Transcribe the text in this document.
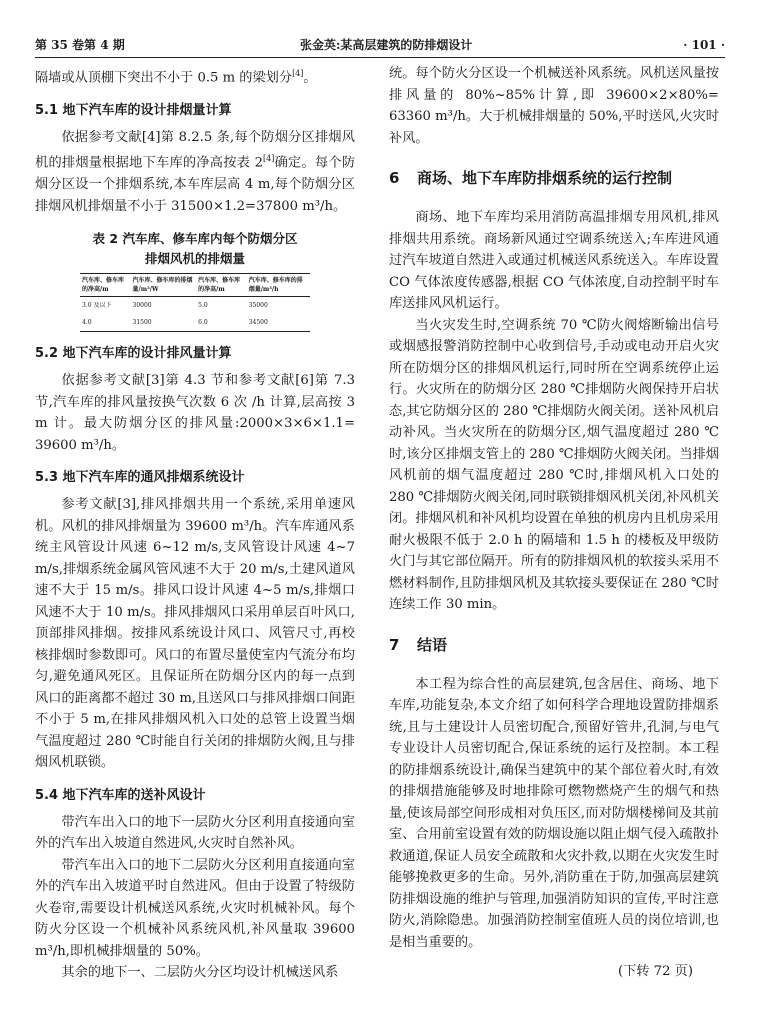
第 35 卷第 4 期	张金英:某高层建筑的防排烟设计	· 101 ·

隔墙或从顶棚下突出不小于 0.5 m 的梁划分[4]。

5.1 地下汽车库的设计排烟量计算

依据参考文献[4]第 8.2.5 条,每个防烟分区排烟风机的排烟量根据地下车库的净高按表 2[4]确定。每个防烟分区设一个排烟系统,本车库层高 4 m,每个防烟分区排烟风机排烟量不小于 31500×1.2=37800 m³/h。

表 2 汽车库、修车库内每个防烟分区
排烟风机的排烟量
汽车库、修车库的净高/m	汽车库、修车库的排烟量/m³/W	汽车库、修车库的净高/m	汽车库、修车库的排烟量/m³/h
3.0 及以下	30000	5.0	35000
4.0	31500	6.0	34500
5.2 地下汽车库的设计排风量计算

依据参考文献[3]第 4.3 节和参考文献[6]第 7.3 节,汽车库的排风量按换气次数 6 次 /h 计算,层高按 3 m 计。最大防烟分区的排风量:2000×3×6×1.1= 39600 m³/h。

5.3 地下汽车库的通风排烟系统设计

参考文献[3],排风排烟共用一个系统,采用单速风机。风机的排风排烟量为 39600 m³/h。汽车库通风系统主风管设计风速 6~12 m/s,支风管设计风速 4~7 m/s,排烟系统金属风管风速不大于 20 m/s,土建风道风速不大于 15 m/s。排风口设计风速 4~5 m/s,排烟口风速不大于 10 m/s。排风排烟风口采用单层百叶风口,顶部排风排烟。按排风系统设计风口、风管尺寸,再校核排烟时参数即可。风口的布置尽量使室内气流分布均匀,避免通风死区。且保证所在防烟分区内的每一点到风口的距离都不超过 30 m,且送风口与排风排烟口间距不小于 5 m,在排风排烟风机入口处的总管上设置当烟气温度超过 280 ℃时能自行关闭的排烟防火阀,且与排烟风机联锁。

5.4 地下汽车库的送补风设计

带汽车出入口的地下一层防火分区利用直接通向室外的汽车出入坡道自然进风,火灾时自然补风。

带汽车出入口的地下二层防火分区利用直接通向室外的汽车出入坡道平时自然进风。但由于设置了特级防火卷帘,需要设计机械送风系统,火灾时机械补风。每个防火分区设一个机械补风系统风机,补风量取 39600 m³/h,即机械排烟量的 50%。

其余的地下一、二层防火分区均设计机械送风系

统。每个防火分区设一个机械送补风系统。风机送风量按排风量的 80%~85%计算,即 39600×2×80%= 63360 m³/h。大于机械排烟量的 50%,平时送风,火灾时补风。

6 商场、地下车库防排烟系统的运行控制

商场、地下车库均采用消防高温排烟专用风机,排风排烟共用系统。商场新风通过空调系统送入;车库进风通过汽车坡道自然进入或通过机械送风系统送入。车库设置 CO 气体浓度传感器,根据 CO 气体浓度,自动控制平时车库送排风风机运行。

当火灾发生时,空调系统 70 ℃防火阀熔断输出信号或烟感报警消防控制中心收到信号,手动或电动开启火灾所在防烟分区的排烟风机运行,同时所在空调系统停止运行。火灾所在的防烟分区 280 ℃排烟防火阀保持开启状态,其它防烟分区的 280 ℃排烟防火阀关闭。送补风机启动补风。当火灾所在的防烟分区,烟气温度超过 280 ℃时,该分区排烟支管上的 280 ℃排烟防火阀关闭。当排烟风机前的烟气温度超过 280 ℃时,排烟风机入口处的 280 ℃排烟防火阀关闭,同时联锁排烟风机关闭,补风机关闭。排烟风机和补风机均设置在单独的机房内且机房采用耐火极限不低于 2.0 h 的隔墙和 1.5 h 的楼板及甲级防火门与其它部位隔开。所有的防排烟风机的软接头采用不燃材料制作,且防排烟风机及其软接头要保证在 280 ℃时连续工作 30 min。

7 结语

本工程为综合性的高层建筑,包含居住、商场、地下车库,功能复杂,本文介绍了如何科学合理地设置防排烟系统,且与土建设计人员密切配合,预留好管井,孔洞,与电气专业设计人员密切配合,保证系统的运行及控制。本工程的防排烟系统设计,确保当建筑中的某个部位着火时,有效的排烟措施能够及时地排除可燃物燃烧产生的烟气和热量,使该局部空间形成相对负压区,而对防烟楼梯间及其前室、合用前室设置有效的防烟设施以阻止烟气侵入疏散扑救通道,保证人员安全疏散和火灾扑救,以期在火灾发生时能够挽救更多的生命。另外,消防重在于防,加强高层建筑防排烟设施的维护与管理,加强消防知识的宣传,平时注意防火,消除隐患。加强消防控制室值班人员的岗位培训,也是相当重要的。

(下转 72 页)
